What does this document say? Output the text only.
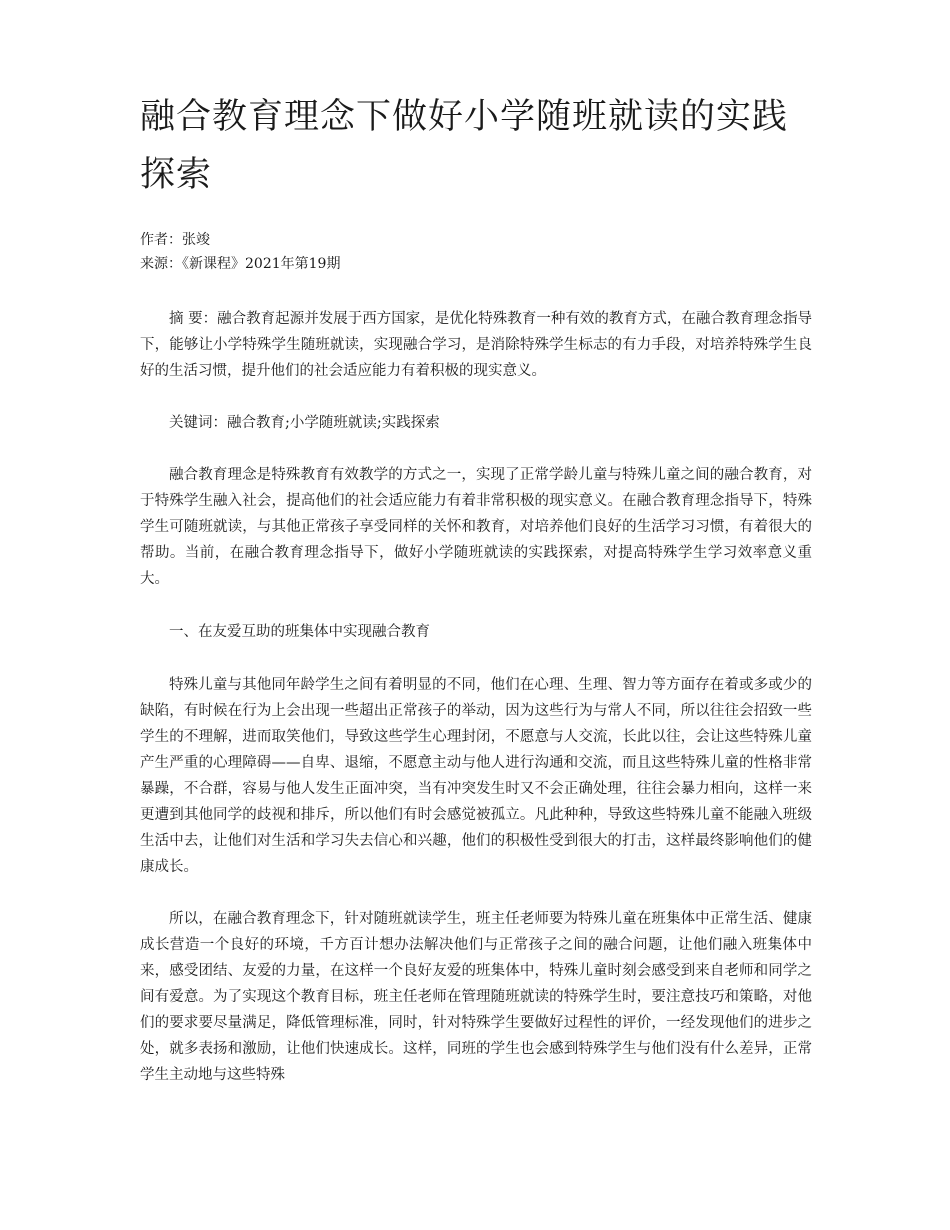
融合教育理念下做好小学随班就读的实践探索
作者：张竣
来源：《新课程》2021年第19期

摘 要：融合教育起源并发展于西方国家，是优化特殊教育一种有效的教育方式，在融合教育理念指导下，能够让小学特殊学生随班就读，实现融合学习，是消除特殊学生标志的有力手段，对培养特殊学生良好的生活习惯，提升他们的社会适应能力有着积极的现实意义。

关键词：融合教育;小学随班就读;实践探索

融合教育理念是特殊教育有效教学的方式之一，实现了正常学龄儿童与特殊儿童之间的融合教育，对于特殊学生融入社会，提高他们的社会适应能力有着非常积极的现实意义。在融合教育理念指导下，特殊学生可随班就读，与其他正常孩子享受同样的关怀和教育，对培养他们良好的生活学习习惯，有着很大的帮助。当前，在融合教育理念指导下，做好小学随班就读的实践探索，对提高特殊学生学习效率意义重大。

一、在友爱互助的班集体中实现融合教育

特殊儿童与其他同年龄学生之间有着明显的不同，他们在心理、生理、智力等方面存在着或多或少的缺陷，有时候在行为上会出现一些超出正常孩子的举动，因为这些行为与常人不同，所以往往会招致一些学生的不理解，进而取笑他们，导致这些学生心理封闭，不愿意与人交流，长此以往，会让这些特殊儿童产生严重的心理障碍——自卑、退缩，不愿意主动与他人进行沟通和交流，而且这些特殊儿童的性格非常暴躁，不合群，容易与他人发生正面冲突，当有冲突发生时又不会正确处理，往往会暴力相向，这样一来更遭到其他同学的歧视和排斥，所以他们有时会感觉被孤立。凡此种种，导致这些特殊儿童不能融入班级生活中去，让他们对生活和学习失去信心和兴趣，他们的积极性受到很大的打击，这样最终影响他们的健康成长。

所以，在融合教育理念下，针对随班就读学生，班主任老师要为特殊儿童在班集体中正常生活、健康成长营造一个良好的环境，千方百计想办法解决他们与正常孩子之间的融合问题，让他们融入班集体中来，感受团结、友爱的力量，在这样一个良好友爱的班集体中，特殊儿童时刻会感受到来自老师和同学之间有爱意。为了实现这个教育目标，班主任老师在管理随班就读的特殊学生时，要注意技巧和策略，对他们的要求要尽量满足，降低管理标准，同时，针对特殊学生要做好过程性的评价，一经发现他们的进步之处，就多表扬和激励，让他们快速成长。这样，同班的学生也会感到特殊学生与他们没有什么差异，正常学生主动地与这些特殊
